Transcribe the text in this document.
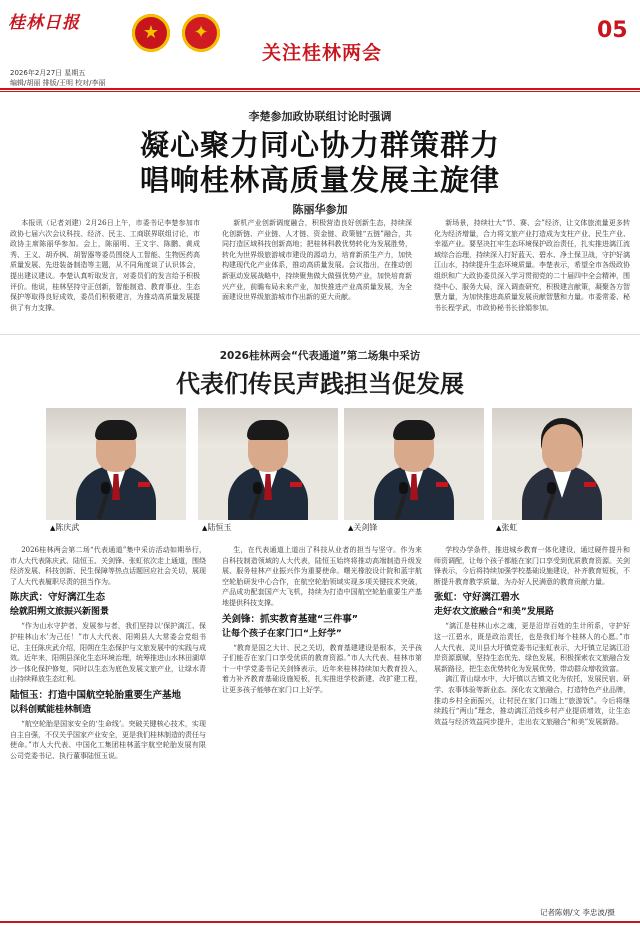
桂林日报	★	✦
关注桂林两会
05
2026年2月27日 星期五
编辑/胡丽 排版/王明 校对/李丽
李楚参加政协联组讨论时强调
凝心聚力同心协力群策群力
唱响桂林高质量发展主旋律
陈丽华参加

本报讯（记者刘建）2月26日上午，市委书记李楚参加市政协七届六次会议科技、经济、民主、工商联界联组讨论，市政协主席陈丽华参加。会上，陈丽明、王文宇、陈鹏、黄成秀、王义、胡乔枫、胡智器等委员围绕人工智能、生物医药高质量发展、先进装备制造等主题，从不同角度谈了认识体会，提出建议建议。李楚认真听取发言，对委员们的发言给予积极评价。他说，桂林坚持守正创新，智能制造、教育事业、生态保护等取得良好成效，委员们积极建言，为推动高质量发展提供了有力支撑。

新机产业创新调度融合，积极营造良好创新生态，持续深化创新链、产业链、人才链、资金链、政策链“五链”融合，共同打造区域科技创新高地；把桂林科教优势转化为发展胜势，转化为世界级旅游城市建设的源动力，培育新质生产力，加快构建现代化产业体系，推动高质量发展。会议指出，在推动创新驱动发展战略中，持续聚焦做大做强优势产业，加快培育新兴产业，前瞻布局未来产业，加快推进产业高质量发展，为全面建设世界级旅游城市作出新的更大贡献。

新场景，持续壮大“节、赛、会”经济，让文体旅流量更多转化为经济增量，合力将文旅产业打造成为支柱产业、民生产业、幸福产业。要坚决扛牢生态环境保护政治责任，扎实推进漓江流域综合治理，持续深入打好蓝天、碧水、净土保卫战，守护好漓江山水，持续提升生态环境质量。李楚表示，希望全市各级政协组织和广大政协委员深入学习贯彻党的二十届四中全会精神，围绕中心、服务大局，深入调查研究，积极建言献策，凝聚各方智慧力量，为加快推进高质量发展贡献智慧和力量。市委常委、秘书长程学武，市政协秘书长徐娟参加。

2026桂林两会“代表通道”第二场集中采访
代表们传民声践担当促发展
▲陈庆武	▲陆恒玉	▲关剑锋	▲张虹

2026桂林两会第二场“代表通道”集中采访活动如期举行，市人大代表陈庆武、陆恒玉、关剑锋、张虹依次走上通道，围绕经济发展、科技创新、民生保障等热点话题回应社会关切，展现了人大代表履职尽责的担当作为。

陈庆武：守好漓江生态
绘就阳朔文旅振兴新图景

“作为山水守护者，发展参与者，我们坚持以‘保护漓江、保护桂林山水’为己任！”市人大代表、阳朔县人大常委会党组书记、主任陈庆武介绍，阳朔在生态保护与文旅发展中的实践与成效。近年来，阳朔县深化生态环境治理，统筹推进山水林田湖草沙一体化保护修复，同时以生态为底色发展文旅产业，让绿水青山持续释放生态红利。

陆恒玉：打造中国航空轮胎重要生产基地
以科创赋能桂林制造

“航空轮胎是国家安全的‘生命线’。突破关键核心技术，实现自主自强，不仅关乎国家产业安全，更是我们桂林制造的责任与使命。”市人大代表、中国化工集团桂林蓝宇航空轮胎发展有限公司党委书记、执行董事陆恒玉说。

生，在代表通道上道出了科技从业者的担当与坚守。作为来自科技制造领域的人大代表，陆恒玉始终将推动高端制造升级发展、服务桂林产业振兴作为重要使命。曙光橡胶设计院和蓝宇航空轮胎研发中心合作，在航空轮胎领域实现多项关键技术突破，产品成功配套国产大飞机，持续为打造中国航空轮胎重要生产基地提供科技支撑。

关剑锋：抓实教育基建“三件事”
让每个孩子在家门口“上好学”

“教育是国之大计、民之关切，教育基建建设是根本，关乎孩子们能否在家门口享受优质的教育资源。”市人大代表、桂林市第十一中学党委书记关剑锋表示，近年来桂林持续加大教育投入，着力补齐教育基础设施短板，扎实推进学校新建、改扩建工程，让更多孩子能够在家门口上好学。

学校办学条件，推进城乡教育一体化建设，通过硬件提升和师资调配，让每个孩子都能在家门口享受到优质教育资源。关剑锋表示，今后将持续加强学校基础设施建设，补齐教育短板，不断提升教育教学质量，为办好人民满意的教育贡献力量。

张虹：守好漓江碧水
走好农文旅融合“和美”发展路

“漓江是桂林山水之魂，更是沿岸百姓的生计所系，守护好这一江碧水，既是政治责任，也是我们每个桂林人的心愿。”市人大代表、灵川县大圩镇党委书记张虹表示，大圩镇立足漓江沿岸资源禀赋，坚持生态优先、绿色发展，积极探索农文旅融合发展新路径，把生态优势转化为发展优势，带动群众增收致富。

漓江青山绿水中，大圩镇以古镇文化为依托，发展民宿、研学、农事体验等新业态。深化农文旅融合，打造特色产业品牌，推动乡村全面振兴，让村民在家门口端上“旅游饭”。今后将继续践行“两山”理念，推动漓江沿线乡村产业提质增效，让生态效益与经济效益同步提升，走出农文旅融合“和美”发展新路。

记者陈娟/文 李忠波/摄
